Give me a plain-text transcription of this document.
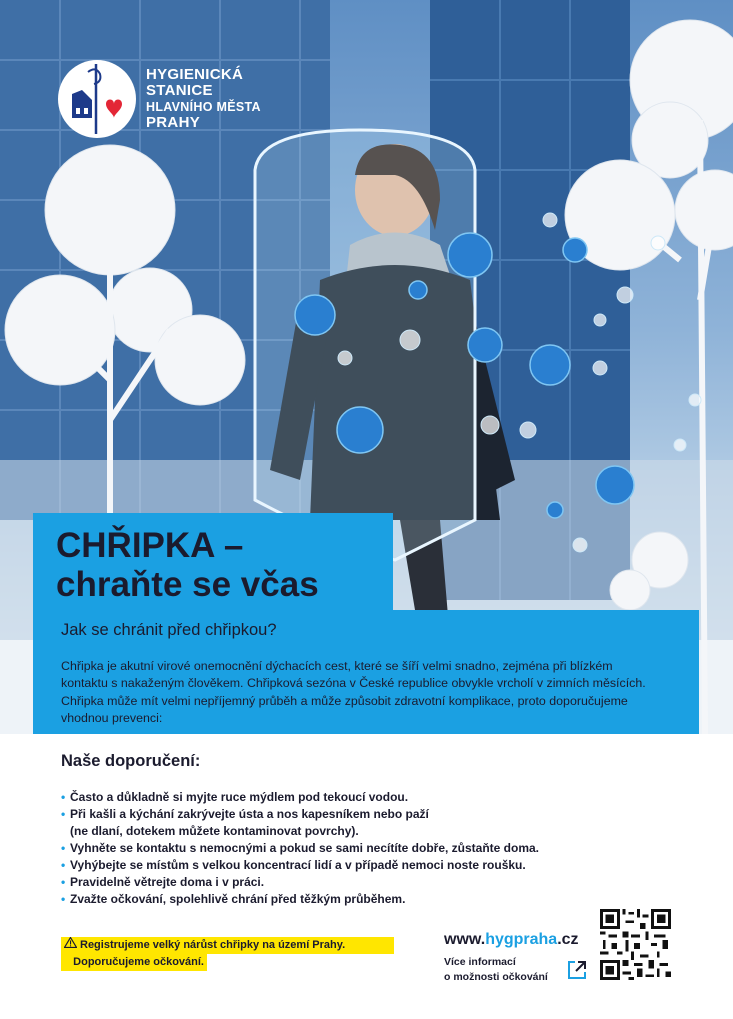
HYGIENICKÁ
STANICE
HLAVNÍHO MĚSTA
PRAHY
CHŘIPKA –
chraňte se včas
Jak se chránit před chřipkou?
Chřipka je akutní virové onemocnění dýchacích cest, které se šíří velmi snadno, zejména při blízkém kontaktu s nakaženým člověkem. Chřipková sezóna v České republice obvykle vrcholí v zimních měsících. Chřipka může mít velmi nepříjemný průběh a může způsobit zdravotní komplikace, proto doporučujeme vhodnou prevenci:
Naše doporučení:
• Často a důkladně si myjte ruce mýdlem pod tekoucí vodou.
• Při kašli a kýchání zakrývejte ústa a nos kapesníkem nebo paží
(ne dlaní, dotekem můžete kontaminovat povrchy).
• Vyhněte se kontaktu s nemocnými a pokud se sami necítíte dobře, zůstaňte doma.
• Vyhýbejte se místům s velkou koncentrací lidí a v případě nemoci noste roušku.
• Pravidelně větrejte doma i v práci.
• Zvažte očkování, spolehlivě chrání před těžkým průběhem.
Registrujeme velký nárůst chřipky na území Prahy.
Doporučujeme očkování.
www.hygpraha.cz
Více informací
o možnosti očkování
